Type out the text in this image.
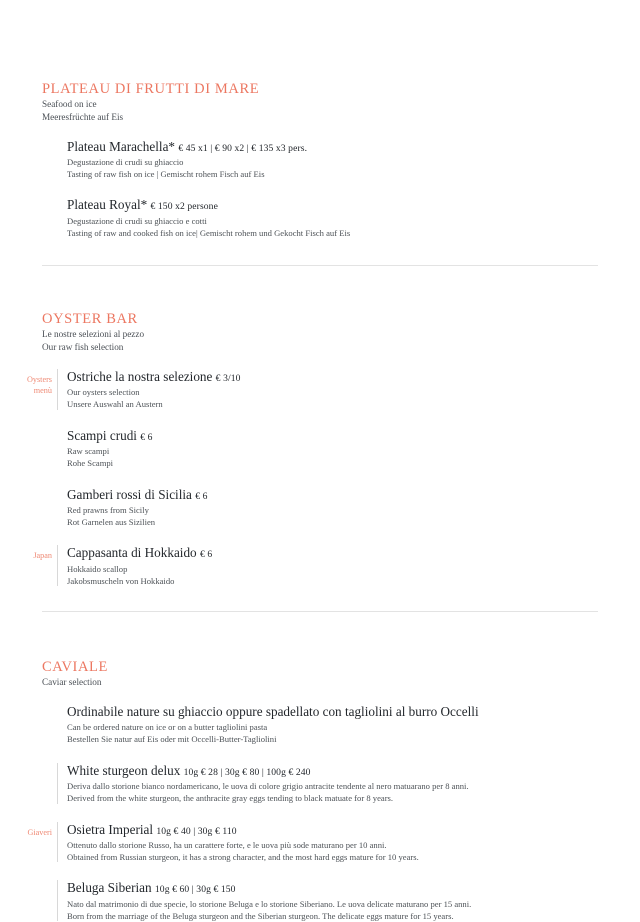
PLATEAU DI FRUTTI DI MARE

Seafood on ice

Meeresfrüchte auf Eis

Plateau Marachella* € 45 x1 | € 90 x2 | € 135 x3 pers.

Degustazione di crudi su ghiaccio

Tasting of raw fish on ice | Gemischt rohem Fisch auf Eis

Plateau Royal* € 150 x2 persone

Degustazione di crudi su ghiaccio e cotti

Tasting of raw and cooked fish on ice| Gemischt rohem und Gekocht Fisch auf Eis

OYSTER BAR

Le nostre selezioni al pezzo

Our raw fish selection

Oysters
menù
Ostriche la nostra selezione € 3/10

Our oysters selection

Unsere Auswahl an Austern

Scampi crudi € 6

Raw scampi

Rohe Scampi

Gamberi rossi di Sicilia € 6

Red prawns from Sicily

Rot Garnelen aus Sizilien

Japan Cappasanta di Hokkaido € 6

Hokkaido scallop

Jakobsmuscheln von Hokkaido

CAVIALE

Caviar selection

Ordinabile nature su ghiaccio oppure spadellato con tagliolini al burro Occelli

Can be ordered nature on ice or on a butter tagliolini pasta

Bestellen Sie natur auf Eis oder mit Occelli-Butter-Tagliolini

White sturgeon delux 10g € 28 | 30g € 80 | 100g € 240

Deriva dallo storione bianco nordamericano, le uova di colore grigio antracite tendente al nero matuarano per 8 anni.

Derived from the white sturgeon, the anthracite gray eggs tending to black matuate for 8 years.

Giaveri Osietra Imperial 10g € 40 | 30g € 110

Ottenuto dallo storione Russo, ha un carattere forte, e le uova più sode maturano per 10 anni.

Obtained from Russian sturgeon, it has a strong character, and the most hard eggs mature for 10 years.

Beluga Siberian 10g € 60 | 30g € 150

Nato dal matrimonio di due specie, lo storione Beluga e lo storione Siberiano. Le uova delicate maturano per 15 anni.

Born from the marriage of the Beluga sturgeon and the Siberian sturgeon. The delicate eggs mature for 15 years.
